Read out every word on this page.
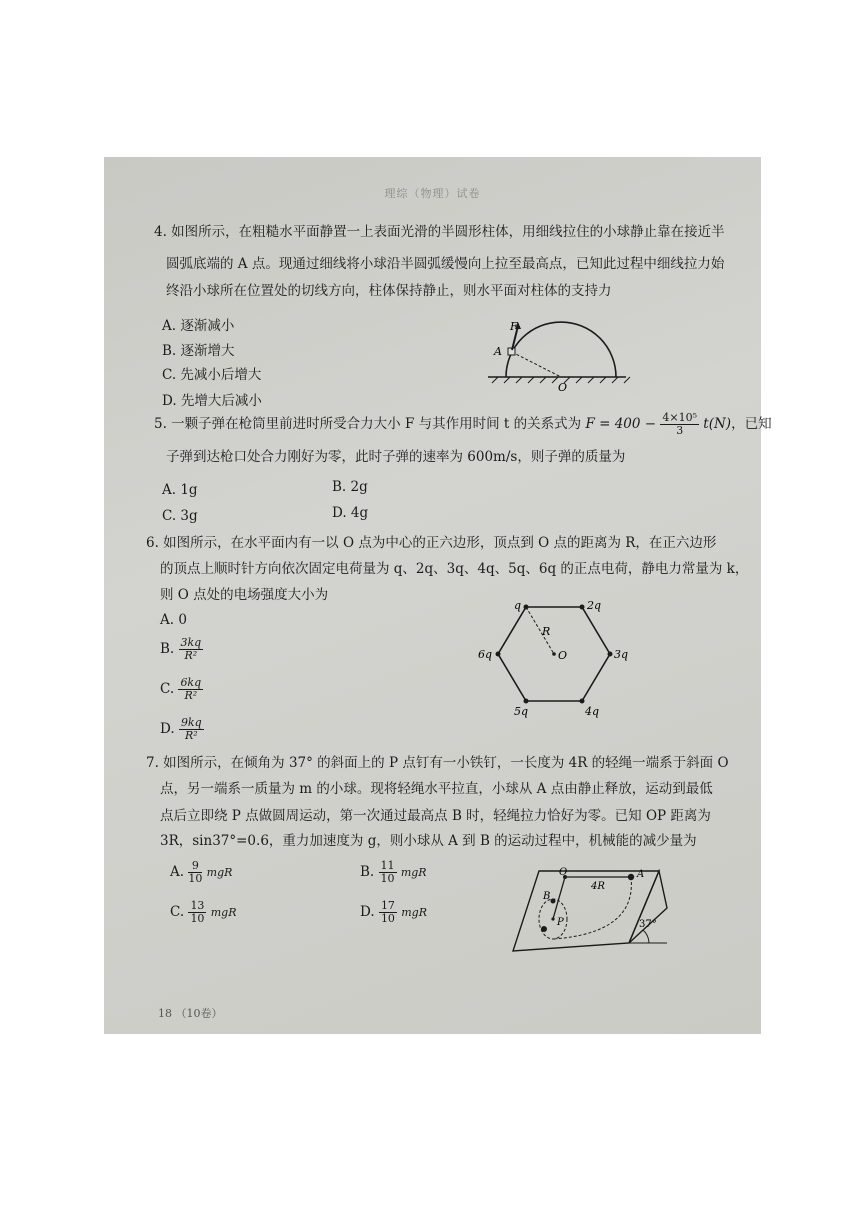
理综（物理）试卷
4. 如图所示，在粗糙水平面静置一上表面光滑的半圆形柱体，用细线拉住的小球静止靠在接近半
圆弧底端的 A 点。现通过细线将小球沿半圆弧缓慢向上拉至最高点，已知此过程中细线拉力始
终沿小球所在位置处的切线方向，柱体保持静止，则水平面对柱体的支持力
A. 逐渐减小
B. 逐渐增大
C. 先减小后增大
D. 先增大后减小
F
A
O
5. 一颗子弹在枪筒里前进时所受合力大小 F 与其作用时间 t 的关系式为 $F = 400 - \frac{\text{4×10⁵}}{3} t(N)$，已知
子弹到达枪口处合力刚好为零，此时子弹的速率为 600m/s，则子弹的质量为
A. 1g	B. 2g
C. 3g	D. 4g
6. 如图所示，在水平面内有一以 O 点为中心的正六边形，顶点到 O 点的距离为 R，在正六边形
的顶点上顺时针方向依次固定电荷量为 q、2q、3q、4q、5q、6q 的正点电荷，静电力常量为 k，
则 O 点处的电场强度大小为
A. 0
B. $\frac{3kq}{\text{R²}}$
C. $\frac{6kq}{\text{R²}}$
D. $\frac{9kq}{\text{R²}}$
q	2q
3q
4q
5q
6q
R
O
7. 如图所示，在倾角为 37° 的斜面上的 P 点钉有一小铁钉，一长度为 4R 的轻绳一端系于斜面 O
点，另一端系一质量为 m 的小球。现将轻绳水平拉直，小球从 A 点由静止释放，运动到最低
点后立即绕 P 点做圆周运动，第一次通过最高点 B 时，轻绳拉力恰好为零。已知 OP 距离为
3R，sin37°=0.6，重力加速度为 g，则小球从 A 到 B 的运动过程中，机械能的减少量为
A. $\frac{9}{10}$ mgR	B. $\frac{11}{10}$ mgR
C. $\frac{13}{10}$ mgR	D. $\frac{17}{10}$ mgR
O	A
B
P
4R
37°
18 （10卷）
